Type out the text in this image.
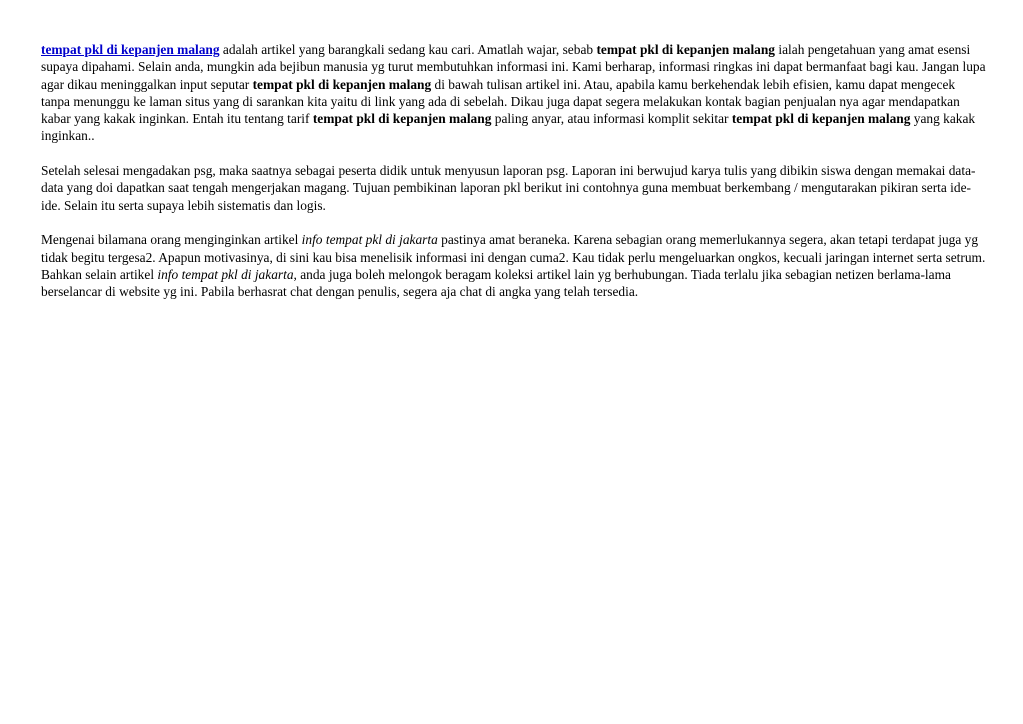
tempat pkl di kepanjen malang adalah artikel yang barangkali sedang kau cari. Amatlah wajar, sebab tempat pkl di kepanjen malang ialah pengetahuan yang amat esensi supaya dipahami. Selain anda, mungkin ada bejibun manusia yg turut membutuhkan informasi ini. Kami berharap, informasi ringkas ini dapat bermanfaat bagi kau. Jangan lupa agar dikau meninggalkan input seputar tempat pkl di kepanjen malang di bawah tulisan artikel ini. Atau, apabila kamu berkehendak lebih efisien, kamu dapat mengecek tanpa menunggu ke laman situs yang di sarankan kita yaitu di link yang ada di sebelah. Dikau juga dapat segera melakukan kontak bagian penjualan nya agar mendapatkan kabar yang kakak inginkan. Entah itu tentang tarif tempat pkl di kepanjen malang paling anyar, atau informasi komplit sekitar tempat pkl di kepanjen malang yang kakak inginkan..

Setelah selesai mengadakan psg, maka saatnya sebagai peserta didik untuk menyusun laporan psg. Laporan ini berwujud karya tulis yang dibikin siswa dengan memakai data-data yang doi dapatkan saat tengah mengerjakan magang. Tujuan pembikinan laporan pkl berikut ini contohnya guna membuat berkembang / mengutarakan pikiran serta ide-ide. Selain itu serta supaya lebih sistematis dan logis.

Mengenai bilamana orang menginginkan artikel info tempat pkl di jakarta pastinya amat beraneka. Karena sebagian orang memerlukannya segera, akan tetapi terdapat juga yg tidak begitu tergesa2. Apapun motivasinya, di sini kau bisa menelisik informasi ini dengan cuma2. Kau tidak perlu mengeluarkan ongkos, kecuali jaringan internet serta setrum. Bahkan selain artikel info tempat pkl di jakarta, anda juga boleh melongok beragam koleksi artikel lain yg berhubungan. Tiada terlalu jika sebagian netizen berlama-lama berselancar di website yg ini. Pabila berhasrat chat dengan penulis, segera aja chat di angka yang telah tersedia.
